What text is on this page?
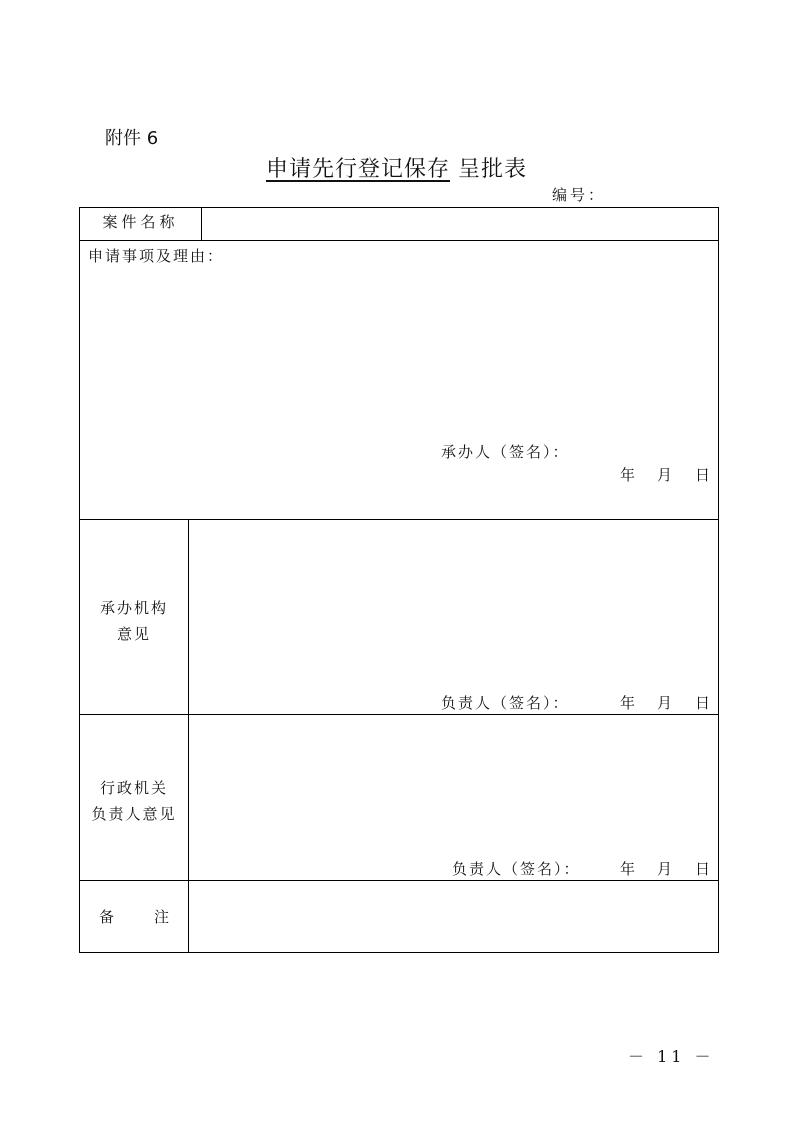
附件 6
申请先行登记保存 呈批表
编号：
案件名称
申请事项及理由：
承办人（签名）：
年 月 日
承办机构
意见
负责人（签名）：	年 月 日
行政机关
负责人意见
负责人（签名）：	年 月 日
备	注
－ 11 －
